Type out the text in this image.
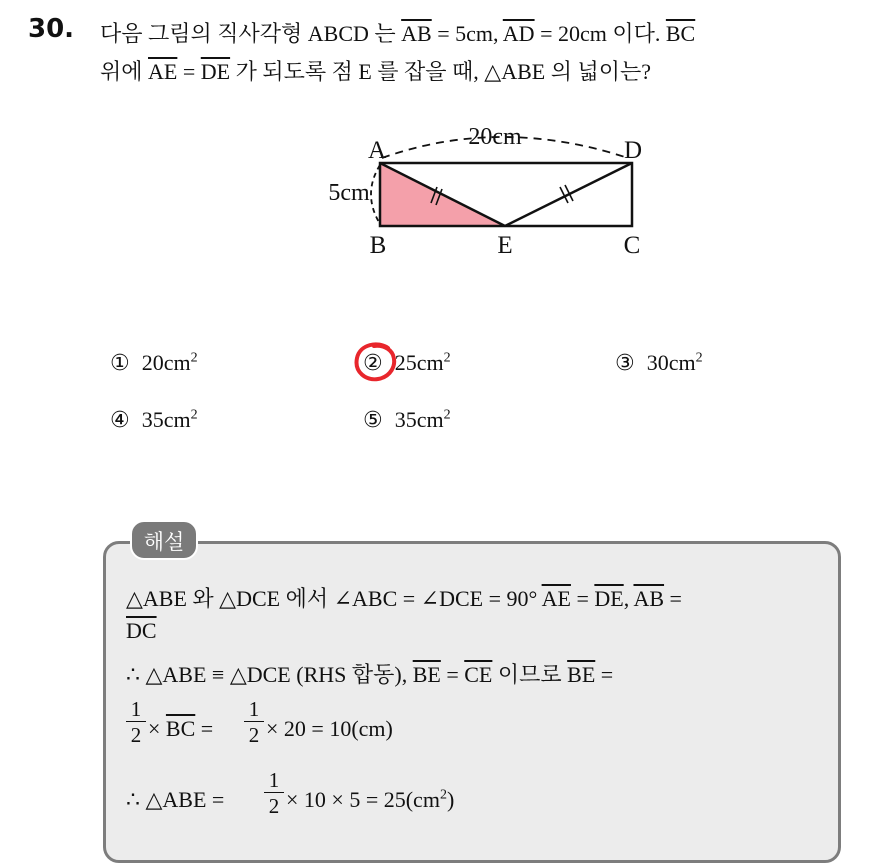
30. 다음 그림의 직사각형 ABCD 는 $\overline{AB} = 5cm$, $\overline{AD} = 20cm$ 이다. $\overline{BC}$
위에 $\overline{AE} = \overline{DE}$ 가 되도록 점 E 를 잡을 때, △ABE 의 넓이는?
20cm
5cm
A	D
B	E	C
① $20cm^2$	② $25cm^2$	③ $30cm^2$
④ $35cm^2$	⑤ $35cm^2$
해설
△ABE 와 △DCE 에서 ∠ABC = ∠DCE = 90° $\overline{AE} = \overline{DE}$, $\overline{AB}$ =
$\overline{DC}$
∴ △ABE ≡ △DCE (RHS 합동), $\overline{BE} = \overline{CE}$ 이므로 $\overline{BE}$ =
$\frac{1}{2} \times \overline{BC} = \frac{1}{2} \times 20 = 10(cm)$
∴ △ABE = $\frac{1}{2} \times 10 \times 5 = 25(cm^2)$
